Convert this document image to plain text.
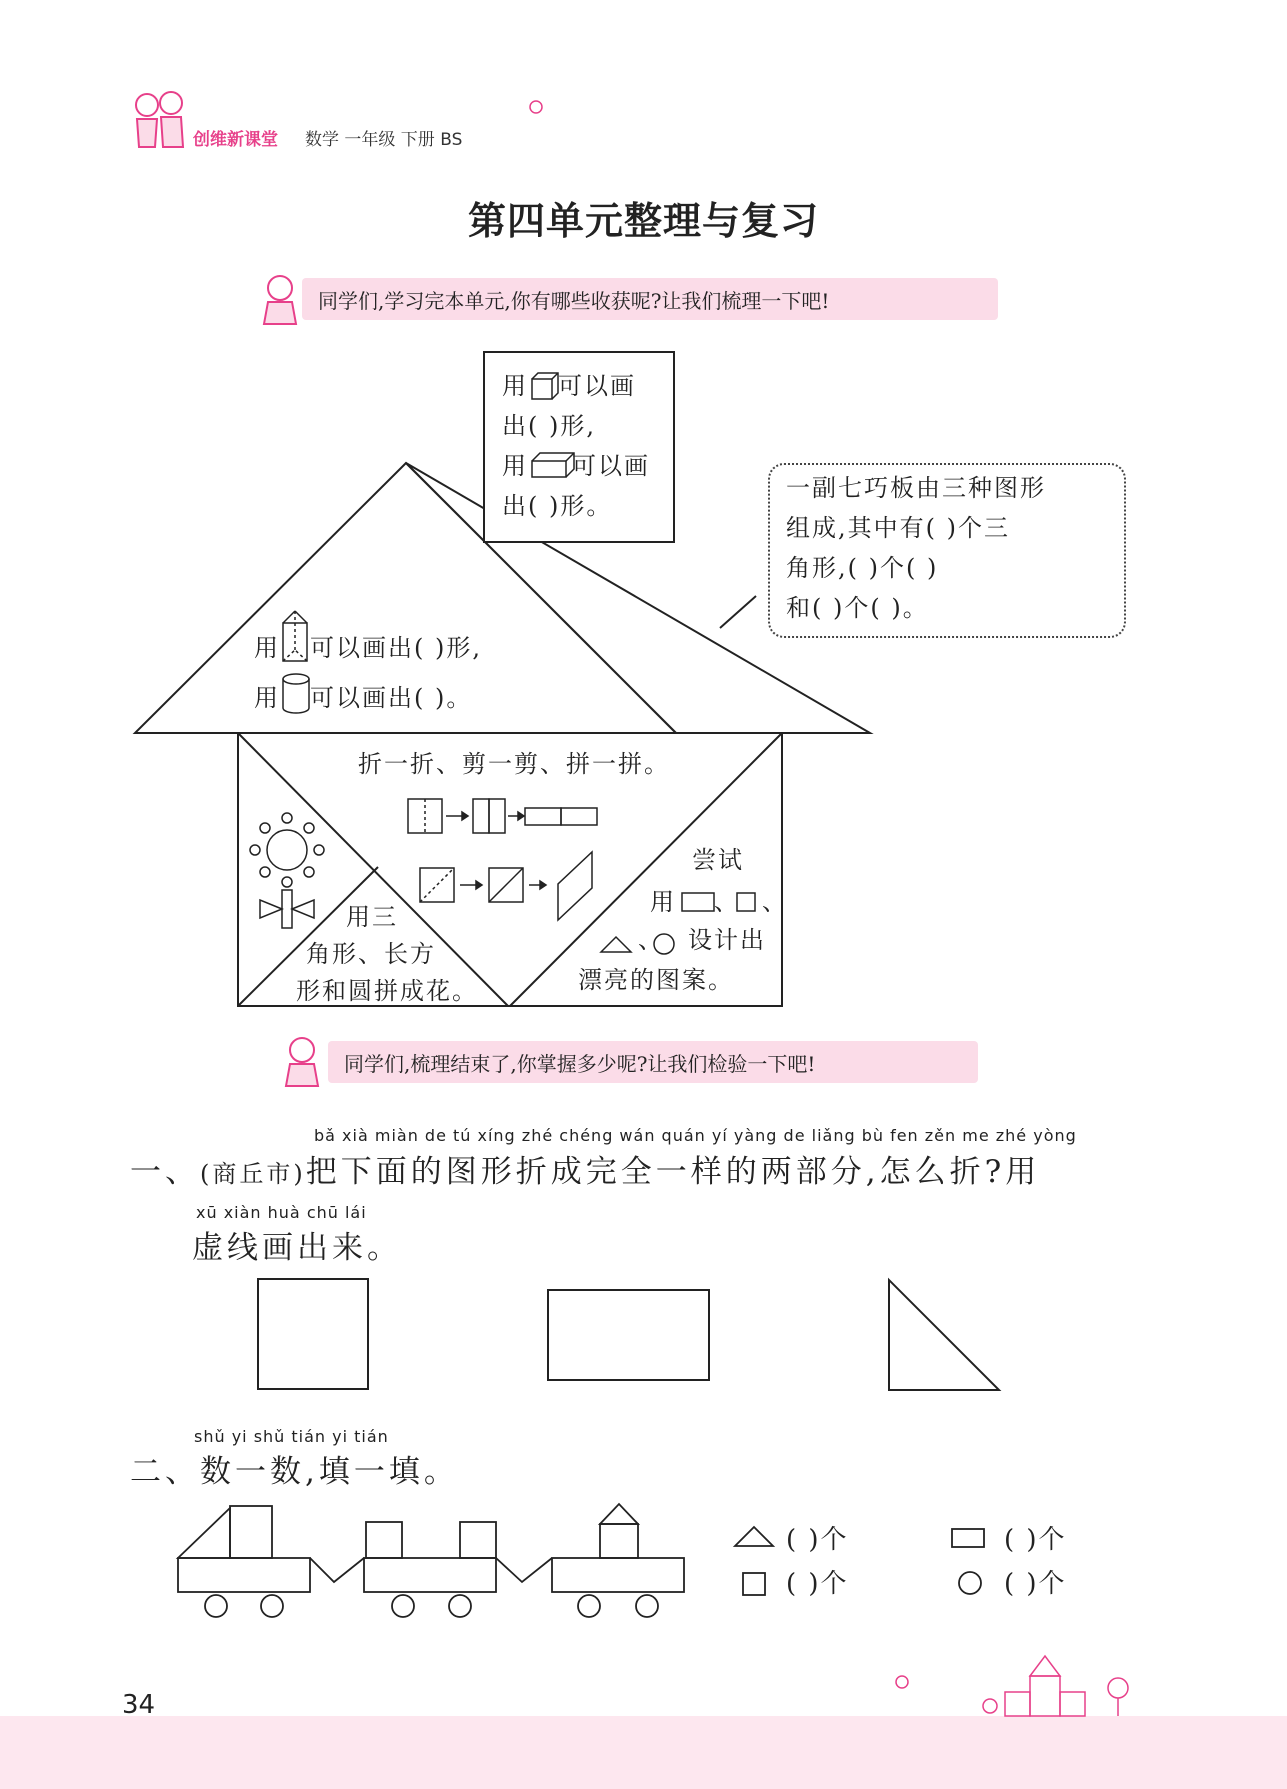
创维新课堂 数学 一年级 下册 BS
第四单元整理与复习
同学们,学习完本单元,你有哪些收获呢?让我们梳理一下吧!
用 可以画
出( )形,
用 可以画
出( )形。
用 可以画出( )形,
用 可以画出( )。
一副七巧板由三种图形
组成,其中有( )个三
角形,( )个( )
和( )个( )。
折一折、剪一剪、拼一拼。
用三
角形、长方
形和圆拼成花。
尝试
用 、 、
、 设计出
漂亮的图案。
同学们,梳理结束了,你掌握多少呢?让我们检验一下吧!
bǎ xià miàn de tú xíng zhé chéng wán quán yí yàng de liǎng bù fen zěn me zhé yòng
一、(商丘市)把下面的图形折成完全一样的两部分,怎么折?用
xū xiàn huà chū lái
虚线画出来。
shǔ yi shǔ tián yi tián
二、数一数,填一填。
( )个	( )个
( )个	( )个
34
